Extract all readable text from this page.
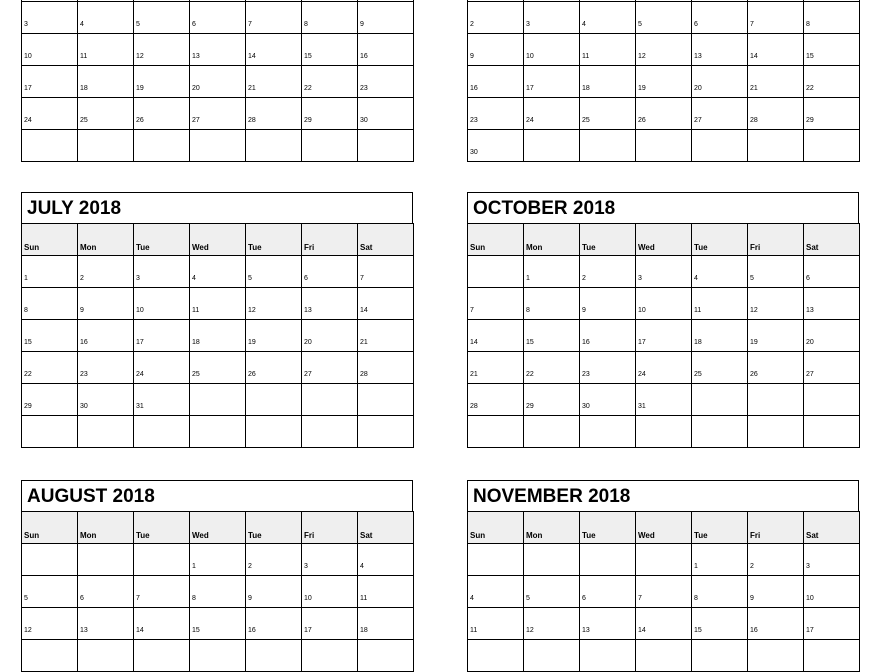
3	4	5	6	7	8	9
10	11	12	13	14	15	16
17	18	19	20	21	22	23
24	25	26	27	28	29	30

2	3	4	5	6	7	8
9	10	11	12	13	14	15
16	17	18	19	20	21	22
23	24	25	26	27	28	29
30						
JULY 2018
Sun	Mon	Tue	Wed	Tue	Fri	Sat
1	2	3	4	5	6	7
8	9	10	11	12	13	14
15	16	17	18	19	20	21
22	23	24	25	26	27	28
29	30	31				

OCTOBER 2018
Sun	Mon	Tue	Wed	Tue	Fri	Sat
	1	2	3	4	5	6
7	8	9	10	11	12	13
14	15	16	17	18	19	20
21	22	23	24	25	26	27
28	29	30	31			

AUGUST 2018
Sun	Mon	Tue	Wed	Tue	Fri	Sat
			1	2	3	4
5	6	7	8	9	10	11
12	13	14	15	16	17	18

NOVEMBER 2018
Sun	Mon	Tue	Wed	Tue	Fri	Sat
				1	2	3
4	5	6	7	8	9	10
11	12	13	14	15	16	17
